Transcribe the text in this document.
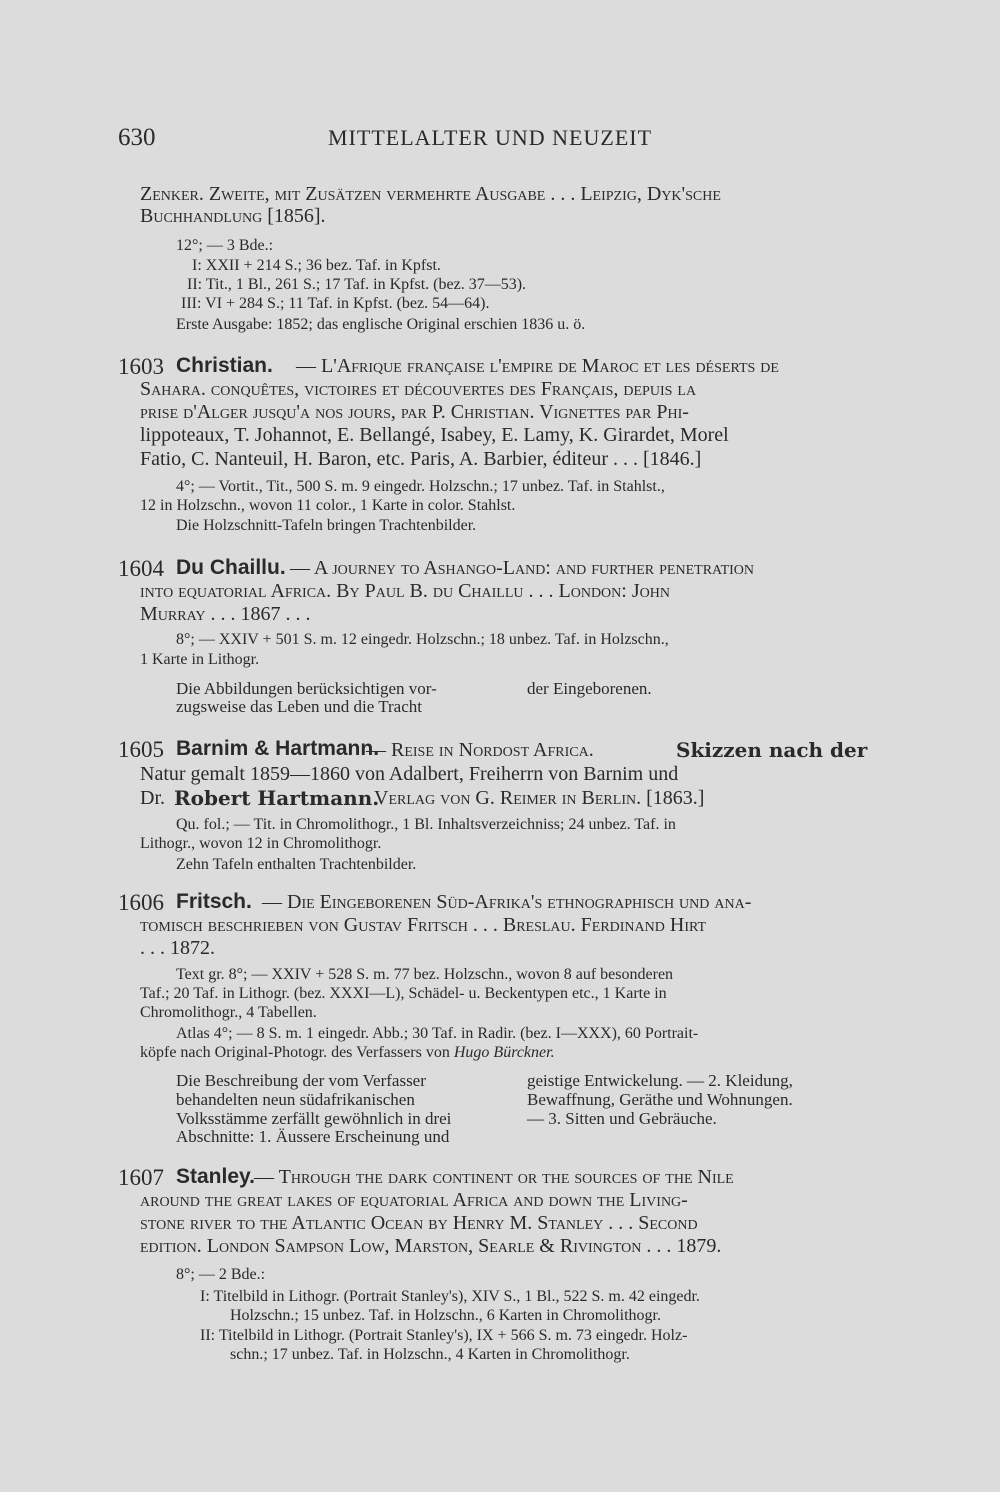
630	MITTELALTER UND NEUZEIT
Zenker. Zweite, mit Zusätzen vermehrte Ausgabe . . . Leipzig, Dyk'sche
Buchhandlung [1856].
12°; — 3 Bde.:
I: XXII + 214 S.; 36 bez. Taf. in Kpfst.
II: Tit., 1 Bl., 261 S.; 17 Taf. in Kpfst. (bez. 37—53).
III: VI + 284 S.; 11 Taf. in Kpfst. (bez. 54—64).
Erste Ausgabe: 1852; das englische Original erschien 1836 u. ö.
1603 Christian. — L'Afrique française l'empire de Maroc et les déserts de
Sahara. conquêtes, victoires et découvertes des Français, depuis la
prise d'Alger jusqu'a nos jours, par P. Christian. Vignettes par Phi-
lippoteaux, T. Johannot, E. Bellangé, Isabey, E. Lamy, K. Girardet, Morel
Fatio, C. Nanteuil, H. Baron, etc. Paris, A. Barbier, éditeur . . . [1846.]
4°; — Vortit., Tit., 500 S. m. 9 eingedr. Holzschn.; 17 unbez. Taf. in Stahlst.,
12 in Holzschn., wovon 11 color., 1 Karte in color. Stahlst.
Die Holzschnitt-Tafeln bringen Trachtenbilder.
1604 Du Chaillu. — A journey to Ashango-Land: and further penetration
into equatorial Africa. By Paul B. du Chaillu . . . London: John
Murray . . . 1867 . . .
8°; — XXIV + 501 S. m. 12 eingedr. Holzschn.; 18 unbez. Taf. in Holzschn.,
1 Karte in Lithogr.
Die Abbildungen berücksichtigen vor-
zugsweise das Leben und die Tracht
der Eingeborenen.
1605 Barnim & Hartmann.
— Reise in Nordost Africa.	Skizzen nach der
Natur gemalt 1859—1860 von Adalbert, Freiherrn von Barnim und
Dr. Robert Hartmann.
Verlag von G. Reimer in Berlin. [1863.]
Qu. fol.; — Tit. in Chromolithogr., 1 Bl. Inhaltsverzeichniss; 24 unbez. Taf. in
Lithogr., wovon 12 in Chromolithogr.
Zehn Tafeln enthalten Trachtenbilder.
1606 Fritsch. — Die Eingeborenen Süd-Afrika's ethnographisch und ana-
tomisch beschrieben von Gustav Fritsch . . . Breslau. Ferdinand Hirt
. . . 1872.
Text gr. 8°; — XXIV + 528 S. m. 77 bez. Holzschn., wovon 8 auf besonderen
Taf.; 20 Taf. in Lithogr. (bez. XXXI—L), Schädel- u. Beckentypen etc., 1 Karte in
Chromolithogr., 4 Tabellen.
Atlas 4°; — 8 S. m. 1 eingedr. Abb.; 30 Taf. in Radir. (bez. I—XXX), 60 Portrait-
köpfe nach Original-Photogr. des Verfassers von Hugo Bürckner.
Die Beschreibung der vom Verfasser
behandelten neun südafrikanischen
Volksstämme zerfällt gewöhnlich in drei
Abschnitte: 1. Äussere Erscheinung und
geistige Entwickelung. — 2. Kleidung,
Bewaffnung, Geräthe und Wohnungen.
— 3. Sitten und Gebräuche.
1607 Stanley. — Through the dark continent or the sources of the Nile
around the great lakes of equatorial Africa and down the Living-
stone river to the Atlantic Ocean by Henry M. Stanley . . . Second
edition. London Sampson Low, Marston, Searle & Rivington . . . 1879.
8°; — 2 Bde.:
I: Titelbild in Lithogr. (Portrait Stanley's), XIV S., 1 Bl., 522 S. m. 42 eingedr.
Holzschn.; 15 unbez. Taf. in Holzschn., 6 Karten in Chromolithogr.
II: Titelbild in Lithogr. (Portrait Stanley's), IX + 566 S. m. 73 eingedr. Holz-
schn.; 17 unbez. Taf. in Holzschn., 4 Karten in Chromolithogr.
